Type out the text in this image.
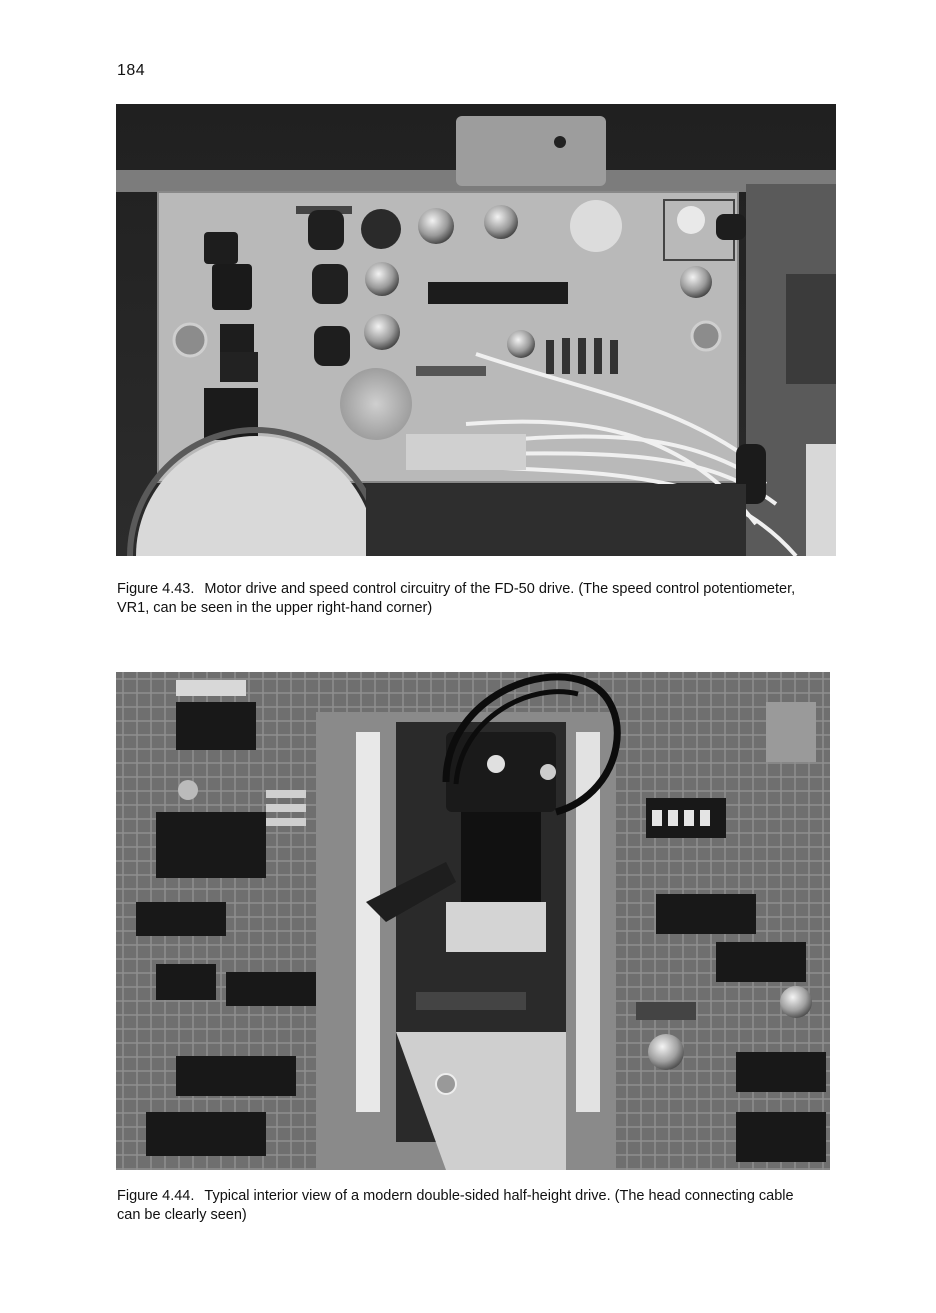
184
Figure 4.43. Motor drive and speed control circuitry of the FD-50 drive. (The speed control potentiometer, VR1, can be seen in the upper right-hand corner)
Figure 4.44. Typical interior view of a modern double-sided half-height drive. (The head connecting cable can be clearly seen)
